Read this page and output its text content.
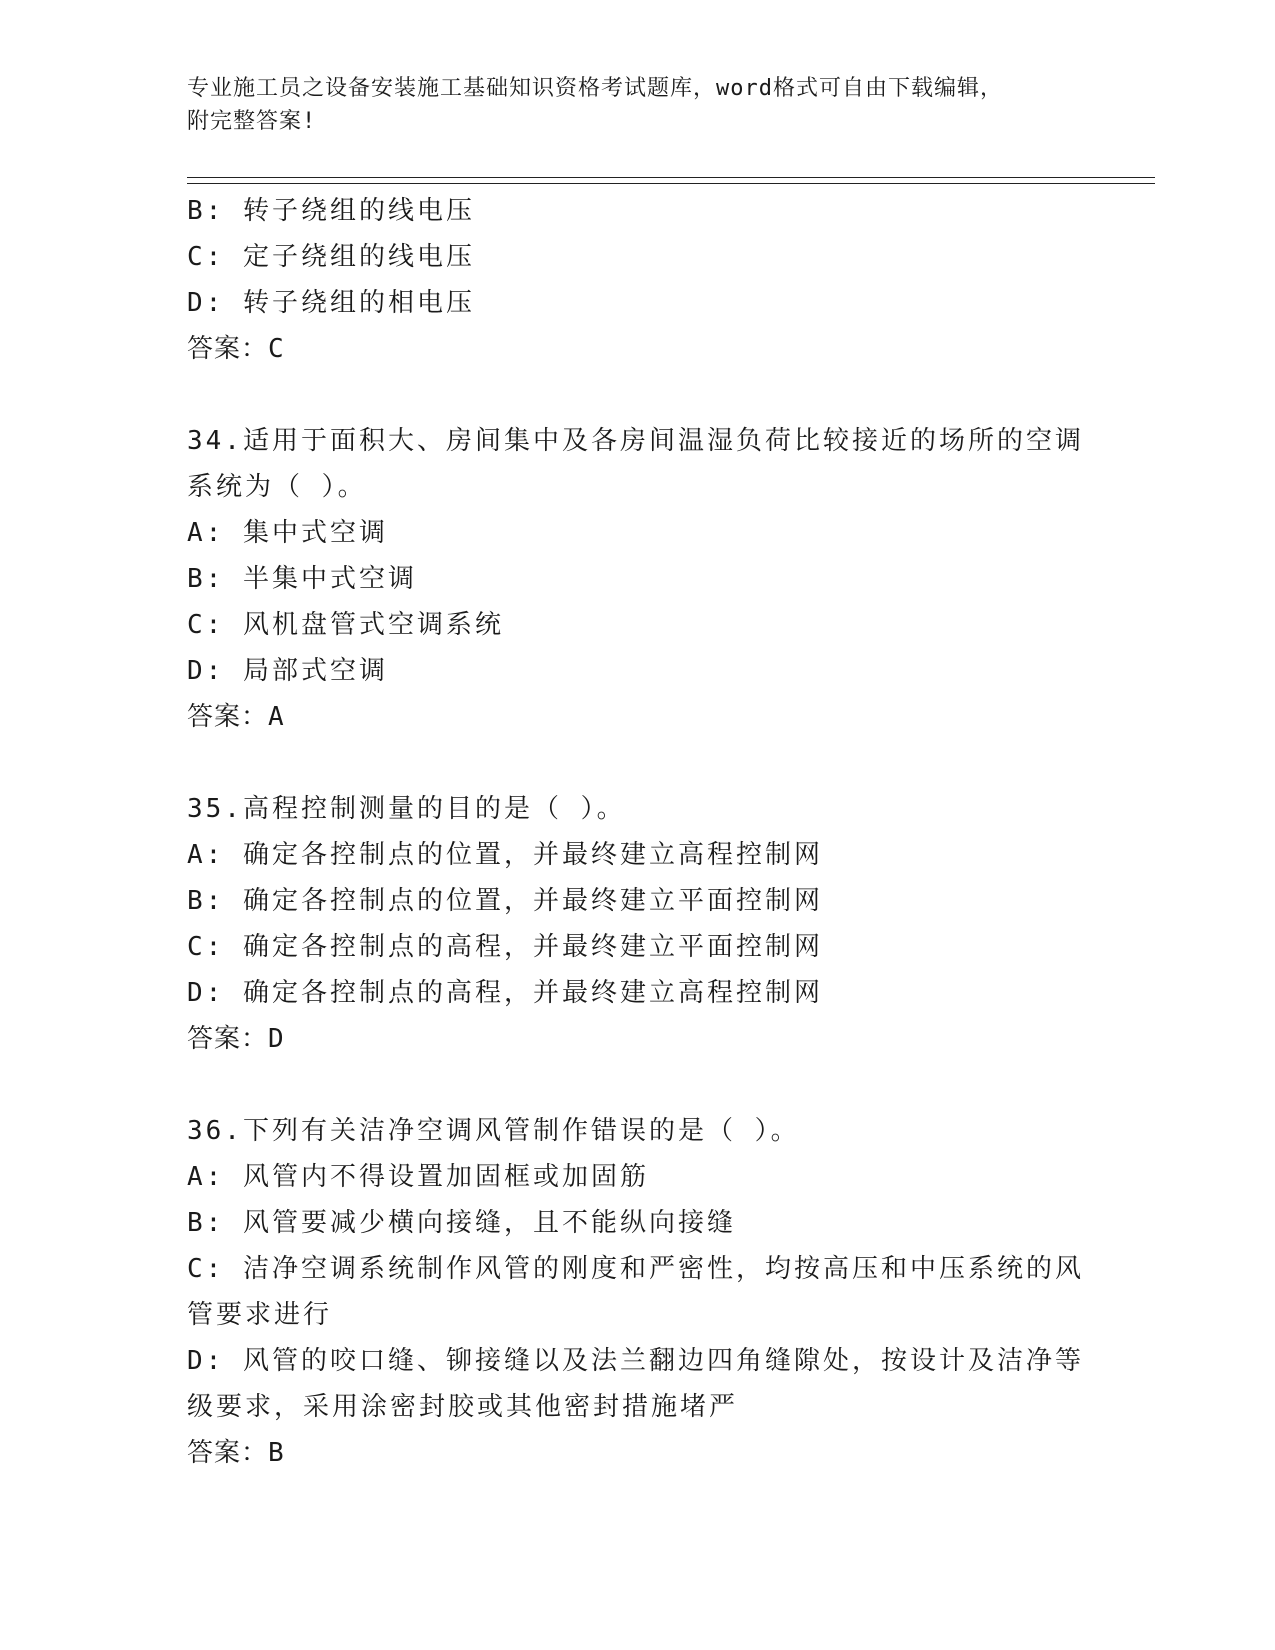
专业施工员之设备安装施工基础知识资格考试题库，word格式可自由下载编辑，
附完整答案!
B: 转子绕组的线电压
C: 定子绕组的线电压
D: 转子绕组的相电压
答案：C
34.适用于面积大、房间集中及各房间温湿负荷比较接近的场所的空调
系统为（ ）。
A: 集中式空调
B: 半集中式空调
C: 风机盘管式空调系统
D: 局部式空调
答案：A
35.高程控制测量的目的是（ ）。
A: 确定各控制点的位置，并最终建立高程控制网
B: 确定各控制点的位置，并最终建立平面控制网
C: 确定各控制点的高程，并最终建立平面控制网
D: 确定各控制点的高程，并最终建立高程控制网
答案：D
36.下列有关洁净空调风管制作错误的是（ ）。
A: 风管内不得设置加固框或加固筋
B: 风管要减少横向接缝，且不能纵向接缝
C: 洁净空调系统制作风管的刚度和严密性，均按高压和中压系统的风
管要求进行
D: 风管的咬口缝、铆接缝以及法兰翻边四角缝隙处，按设计及洁净等
级要求，采用涂密封胶或其他密封措施堵严
答案：B
